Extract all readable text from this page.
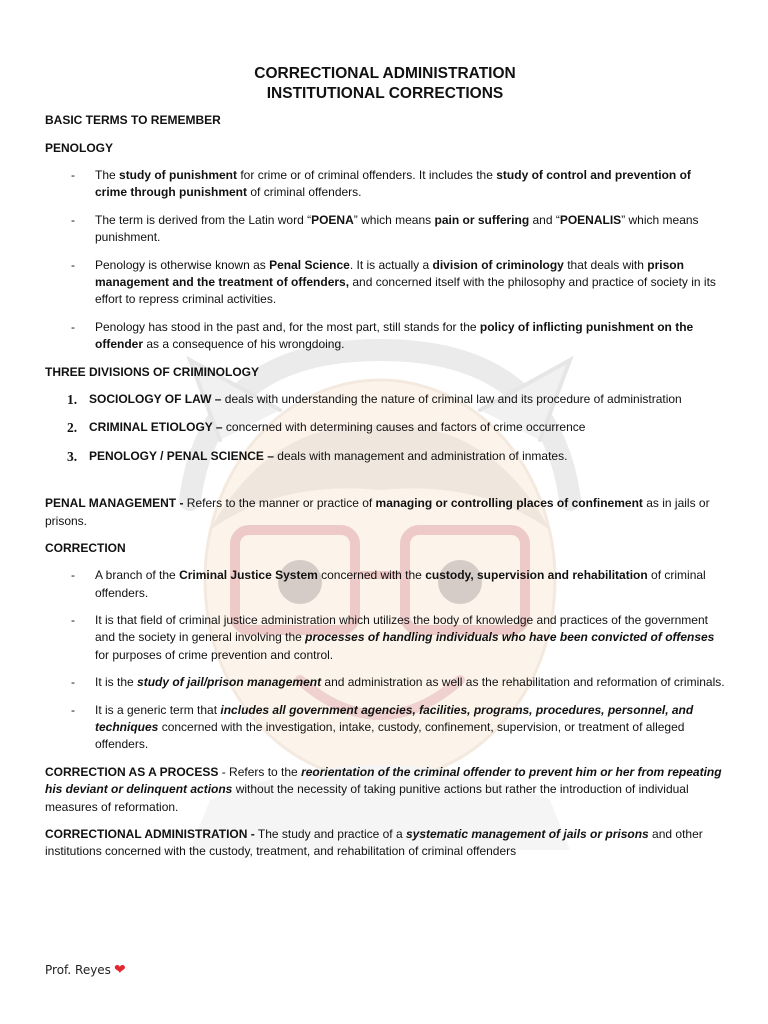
CORRECTIONAL ADMINISTRATION
INSTITUTIONAL CORRECTIONS
BASIC TERMS TO REMEMBER
PENOLOGY
- The study of punishment for crime or of criminal offenders. It includes the study of control and prevention of crime through punishment of criminal offenders.
- The term is derived from the Latin word “POENA” which means pain or suffering and “POENALIS” which means punishment.
- Penology is otherwise known as Penal Science. It is actually a division of criminology that deals with prison management and the treatment of offenders, and concerned itself with the philosophy and practice of society in its effort to repress criminal activities.
- Penology has stood in the past and, for the most part, still stands for the policy of inflicting punishment on the offender as a consequence of his wrongdoing.
THREE DIVISIONS OF CRIMINOLOGY
1. SOCIOLOGY OF LAW – deals with understanding the nature of criminal law and its procedure of administration
2. CRIMINAL ETIOLOGY – concerned with determining causes and factors of crime occurrence
3. PENOLOGY / PENAL SCIENCE – deals with management and administration of inmates.

PENAL MANAGEMENT - Refers to the manner or practice of managing or controlling places of confinement as in jails or prisons.

CORRECTION
- A branch of the Criminal Justice System concerned with the custody, supervision and rehabilitation of criminal offenders.
- It is that field of criminal justice administration which utilizes the body of knowledge and practices of the government and the society in general involving the processes of handling individuals who have been convicted of offenses for purposes of crime prevention and control.
- It is the study of jail/prison management and administration as well as the rehabilitation and reformation of criminals.
- It is a generic term that includes all government agencies, facilities, programs, procedures, personnel, and techniques concerned with the investigation, intake, custody, confinement, supervision, or treatment of alleged offenders.

CORRECTION AS A PROCESS - Refers to the reorientation of the criminal offender to prevent him or her from repeating his deviant or delinquent actions without the necessity of taking punitive actions but rather the introduction of individual measures of reformation.

CORRECTIONAL ADMINISTRATION - The study and practice of a systematic management of jails or prisons and other institutions concerned with the custody, treatment, and rehabilitation of criminal offenders

Prof. Reyes ❤
